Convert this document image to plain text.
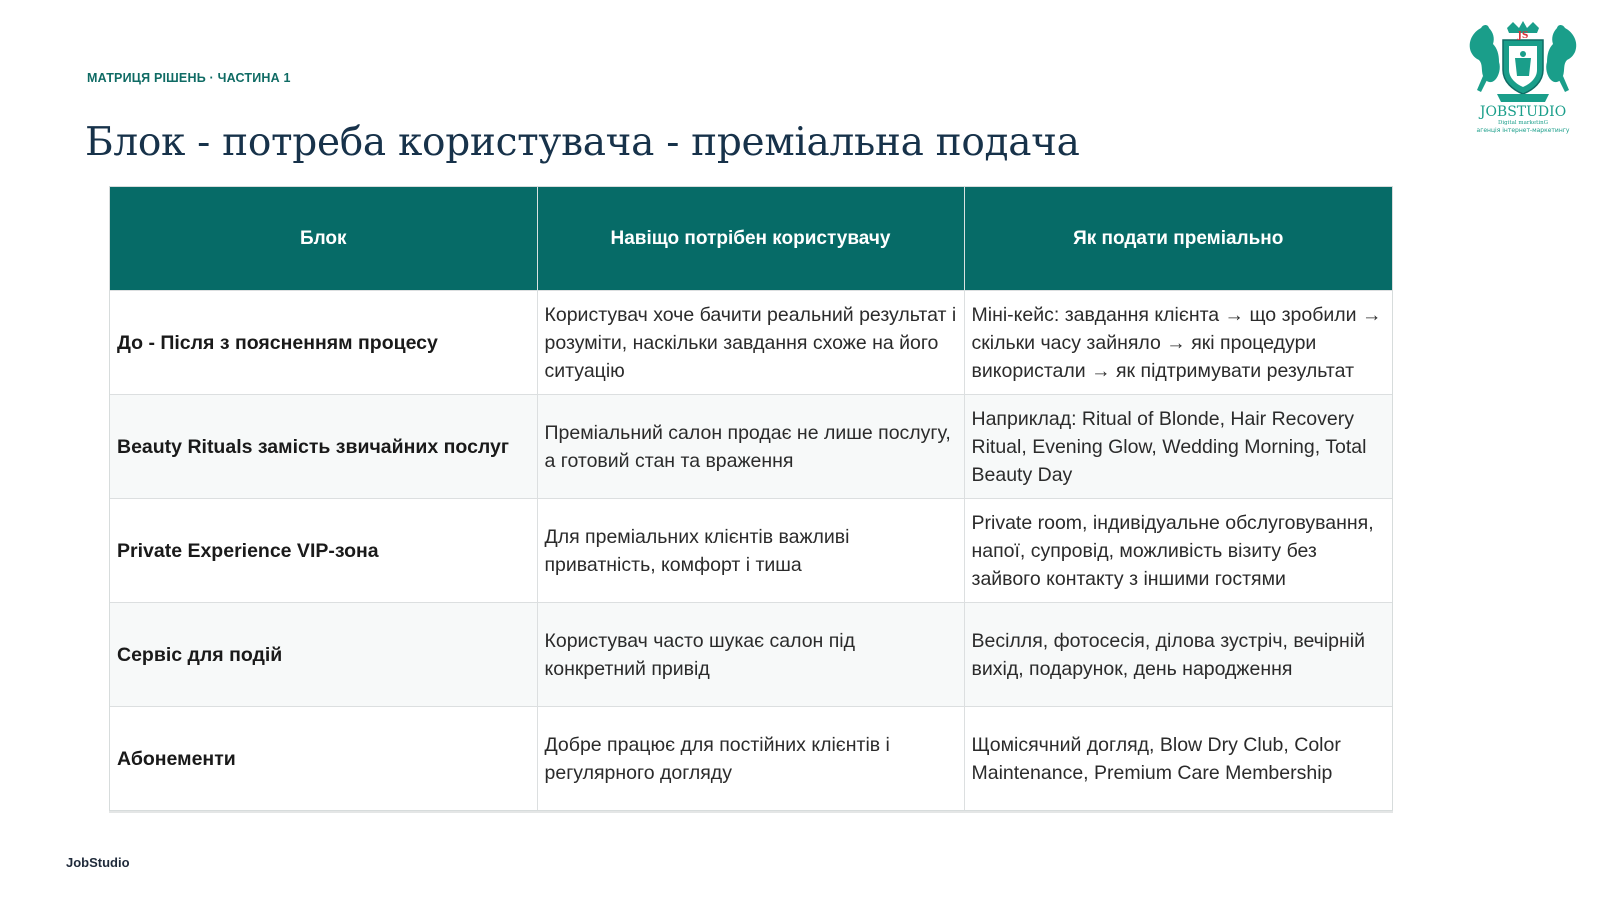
МАТРИЦЯ РІШЕНЬ · ЧАСТИНА 1
Блок - потреба користувача - преміальна подача
JS
JOBSTUDIO
Digital marketinG
агенція інтернет-маркетингу
Блок	Навіщо потрібен користувачу	Як подати преміально
До - Після з поясненням процесу	Користувач хоче бачити реальний результат і розуміти, наскільки завдання схоже на його ситуацію	Міні-кейс: завдання клієнта → що зробили → скільки часу зайняло → які процедури використали → як підтримувати результат
Beauty Rituals замість звичайних послуг	Преміальний салон продає не лише послугу, а готовий стан та враження	Наприклад: Ritual of Blonde, Hair Recovery Ritual, Evening Glow, Wedding Morning, Total Beauty Day
Private Experience VIP-зона	Для преміальних клієнтів важливі приватність, комфорт і тиша	Private room, індивідуальне обслуговування, напої, супровід, можливість візиту без зайвого контакту з іншими гостями
Сервіс для подій	Користувач часто шукає салон під конкретний привід	Весілля, фотосесія, ділова зустріч, вечірній вихід, подарунок, день народження
Абонементи	Добре працює для постійних клієнтів і регулярного догляду	Щомісячний догляд, Blow Dry Club, Color Maintenance, Premium Care Membership
JobStudio
